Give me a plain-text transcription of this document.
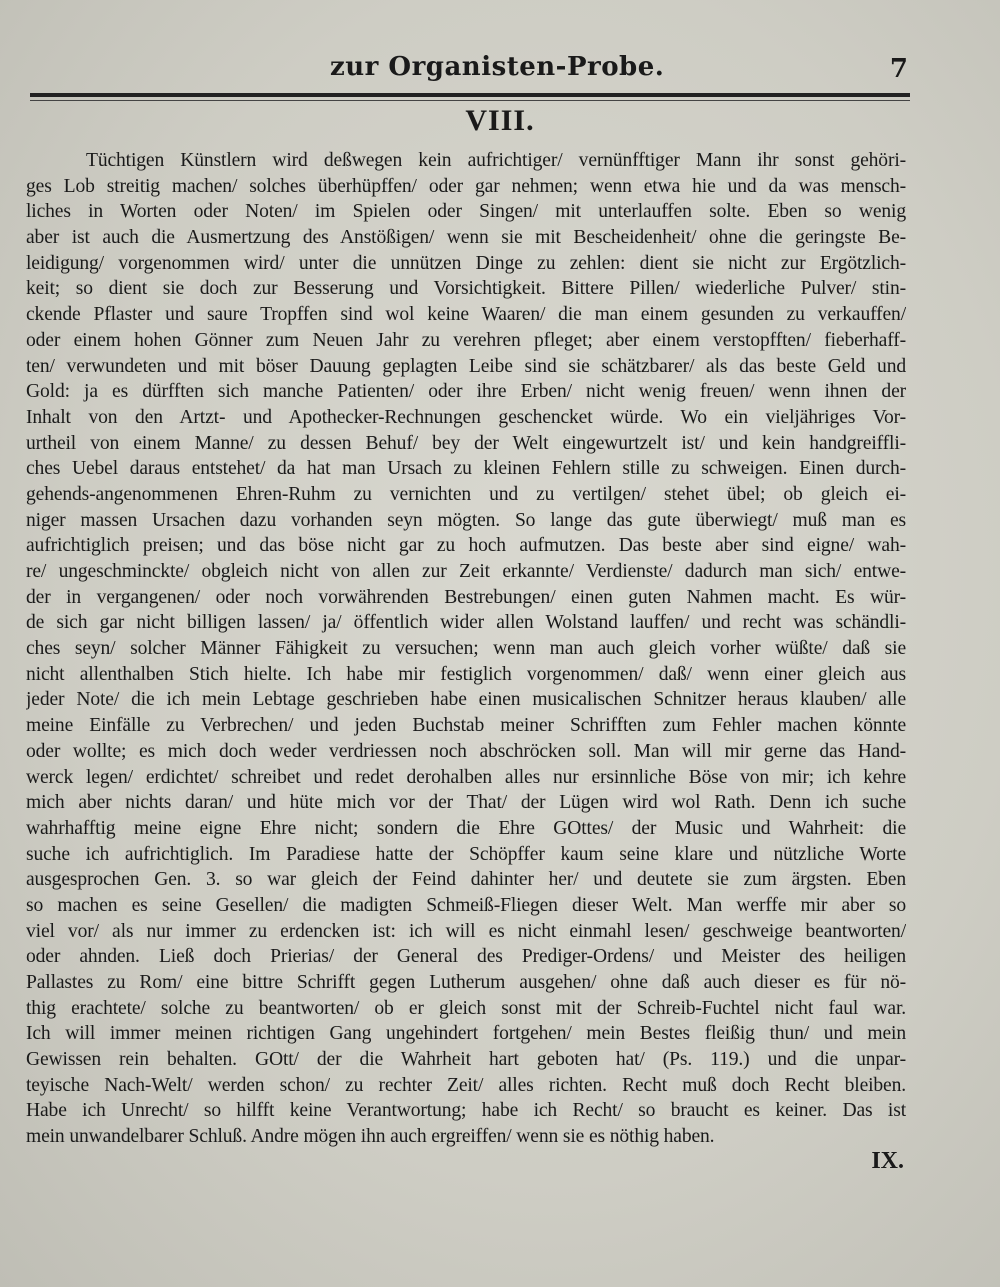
zur Organisten-Probe.	7
VIII.
Tüchtigen Künstlern wird deßwegen kein aufrichtiger/ vernünfftiger Mann ihr sonst gehöri-
ges Lob streitig machen/ solches überhüpffen/ oder gar nehmen; wenn etwa hie und da was mensch-
liches in Worten oder Noten/ im Spielen oder Singen/ mit unterlauffen solte. Eben so wenig
aber ist auch die Ausmertzung des Anstößigen/ wenn sie mit Bescheidenheit/ ohne die geringste Be-
leidigung/ vorgenommen wird/ unter die unnützen Dinge zu zehlen: dient sie nicht zur Ergötzlich-
keit; so dient sie doch zur Besserung und Vorsichtigkeit. Bittere Pillen/ wiederliche Pulver/ stin-
ckende Pflaster und saure Tropffen sind wol keine Waaren/ die man einem gesunden zu verkauffen/
oder einem hohen Gönner zum Neuen Jahr zu verehren pfleget; aber einem verstopfften/ fieberhaff-
ten/ verwundeten und mit böser Dauung geplagten Leibe sind sie schätzbarer/ als das beste Geld und
Gold: ja es dürfften sich manche Patienten/ oder ihre Erben/ nicht wenig freuen/ wenn ihnen der
Inhalt von den Artzt- und Apothecker-Rechnungen geschencket würde. Wo ein vieljähriges Vor-
urtheil von einem Manne/ zu dessen Behuf/ bey der Welt eingewurtzelt ist/ und kein handgreiffli-
ches Uebel daraus entstehet/ da hat man Ursach zu kleinen Fehlern stille zu schweigen. Einen durch-
gehends-angenommenen Ehren-Ruhm zu vernichten und zu vertilgen/ stehet übel; ob gleich ei-
niger massen Ursachen dazu vorhanden seyn mögten. So lange das gute überwiegt/ muß man es
aufrichtiglich preisen; und das böse nicht gar zu hoch aufmutzen. Das beste aber sind eigne/ wah-
re/ ungeschminckte/ obgleich nicht von allen zur Zeit erkannte/ Verdienste/ dadurch man sich/ entwe-
der in vergangenen/ oder noch vorwährenden Bestrebungen/ einen guten Nahmen macht. Es wür-
de sich gar nicht billigen lassen/ ja/ öffentlich wider allen Wolstand lauffen/ und recht was schändli-
ches seyn/ solcher Männer Fähigkeit zu versuchen; wenn man auch gleich vorher wüßte/ daß sie
nicht allenthalben Stich hielte. Ich habe mir festiglich vorgenommen/ daß/ wenn einer gleich aus
jeder Note/ die ich mein Lebtage geschrieben habe einen musicalischen Schnitzer heraus klauben/ alle
meine Einfälle zu Verbrechen/ und jeden Buchstab meiner Schrifften zum Fehler machen könnte
oder wollte; es mich doch weder verdriessen noch abschröcken soll. Man will mir gerne das Hand-
werck legen/ erdichtet/ schreibet und redet derohalben alles nur ersinnliche Böse von mir; ich kehre
mich aber nichts daran/ und hüte mich vor der That/ der Lügen wird wol Rath. Denn ich suche
wahrhafftig meine eigne Ehre nicht; sondern die Ehre GOttes/ der Music und Wahrheit: die
suche ich aufrichtiglich. Im Paradiese hatte der Schöpffer kaum seine klare und nützliche Worte
ausgesprochen Gen. 3. so war gleich der Feind dahinter her/ und deutete sie zum ärgsten. Eben
so machen es seine Gesellen/ die madigten Schmeiß-Fliegen dieser Welt. Man werffe mir aber so
viel vor/ als nur immer zu erdencken ist: ich will es nicht einmahl lesen/ geschweige beantworten/
oder ahnden. Ließ doch Prierias/ der General des Prediger-Ordens/ und Meister des heiligen
Pallastes zu Rom/ eine bittre Schrifft gegen Lutherum ausgehen/ ohne daß auch dieser es für nö-
thig erachtete/ solche zu beantworten/ ob er gleich sonst mit der Schreib-Fuchtel nicht faul war.
Ich will immer meinen richtigen Gang ungehindert fortgehen/ mein Bestes fleißig thun/ und mein
Gewissen rein behalten. GOtt/ der die Wahrheit hart geboten hat/ (Ps. 119.) und die unpar-
teyische Nach-Welt/ werden schon/ zu rechter Zeit/ alles richten. Recht muß doch Recht bleiben.
Habe ich Unrecht/ so hilfft keine Verantwortung; habe ich Recht/ so braucht es keiner. Das ist
mein unwandelbarer Schluß. Andre mögen ihn auch ergreiffen/ wenn sie es nöthig haben.
IX.
